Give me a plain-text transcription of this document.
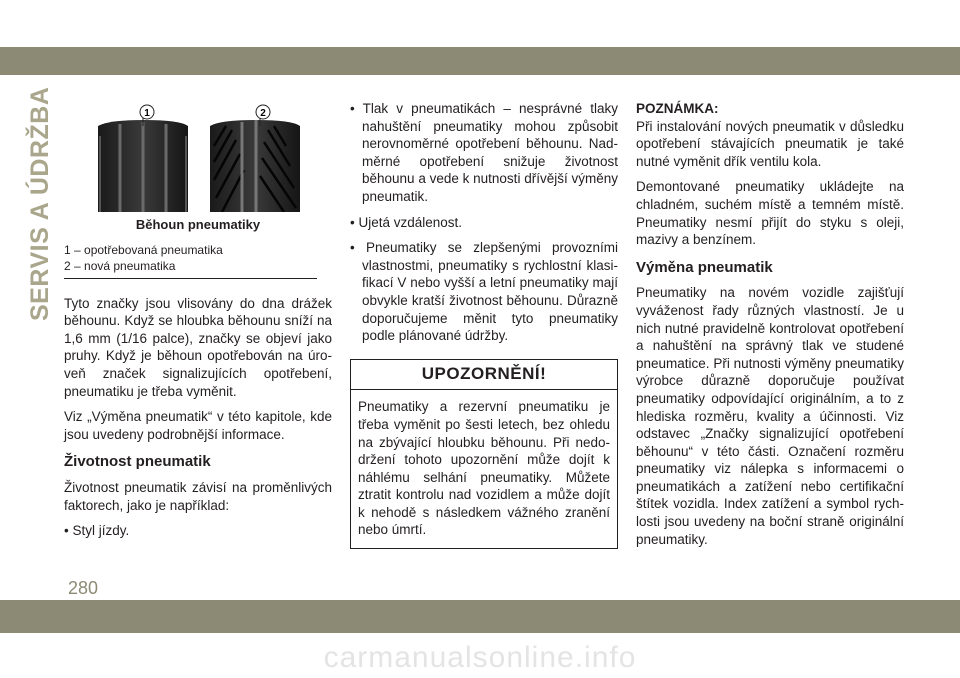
SERVIS A ÚDRŽBA	1	2
Běhoun pneumatiky
1 – opotřebovaná pneumatika
2 – nová pneumatika

Tyto značky jsou vlisovány do dna drážek běhounu. Když se hloubka běhounu sníží na 1,6 mm (1/16 palce), značky se objeví jako pruhy. Když je běhoun opotřebován na úroveň značek signalizujících opotřebení, pneumatiku je třeba vyměnit.

Viz „Výměna pneumatik“ v této kapitole, kde jsou uvedeny podrobnější informace.

Životnost pneumatik

Životnost pneumatik závisí na proměnlivých faktorech, jako je například:

• Styl jízdy.
• Tlak v pneumatikách – nesprávné tlaky nahuštění pneumatiky mohou způsobit nerovnoměrné opotřebení běhounu. Nadměrné opotřebení snižuje životnost běhounu a vede k nutnosti dřívější výměny pneumatik.
• Ujetá vzdálenost.
• Pneumatiky se zlepšenými provozními vlastnostmi, pneumatiky s rychlostní klasifikací V nebo vyšší a letní pneumatiky mají obvykle kratší životnost běhounu. Důrazně doporučujeme měnit tyto pneumatiky podle plánované údržby.
UPOZORNĚNÍ!
Pneumatiky a rezervní pneumatiku je třeba vyměnit po šesti letech, bez ohledu na zbývající hloubku běhounu. Při nedodržení tohoto upozornění může dojít k náhlému selhání pneumatiky. Můžete ztratit kontrolu nad vozidlem a může dojít k nehodě s následkem vážného zranění nebo úmrtí.
POZNÁMKA:

Při instalování nových pneumatik v důsledku opotřebení stávajících pneumatik je také nutné vyměnit dřík ventilu kola.

Demontované pneumatiky ukládejte na chladném, suchém místě a temném místě. Pneumatiky nesmí přijít do styku s oleji, mazivy a benzínem.

Výměna pneumatik

Pneumatiky na novém vozidle zajišťují vyváženost řady různých vlastností. Je u nich nutné pravidelně kontrolovat opotřebení a nahuštění na správný tlak ve studené pneumatice. Při nutnosti výměny pneumatiky výrobce důrazně doporučuje používat pneumatiky odpovídající originálním, a to z hlediska rozměru, kvality a účinnosti. Viz odstavec „Značky signalizující opotřebení běhounu“ v této části. Označení rozměru pneumatiky viz nálepka s informacemi o pneumatikách a zatížení nebo certifikační štítek vozidla. Index zatížení a symbol rychlosti jsou uvedeny na boční straně originální pneumatiky.

280
carmanualsonline.info
